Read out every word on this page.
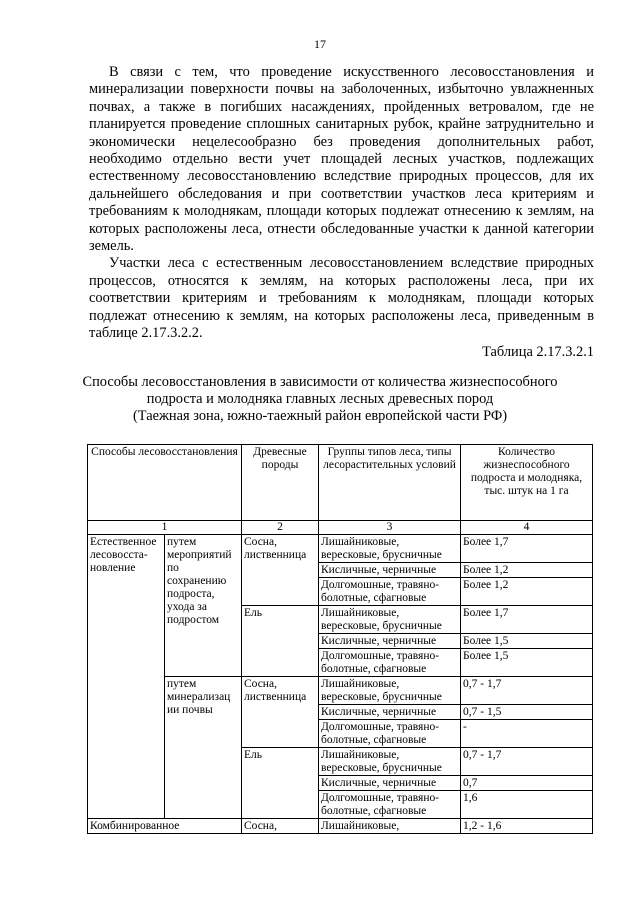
17

В связи с тем, что проведение искусственного лесовосстановления и минерализации поверхности почвы на заболоченных, избыточно увлажненных почвах, а также в погибших насаждениях, пройденных ветровалом, где не планируется проведение сплошных санитарных рубок, крайне затруднительно и экономически нецелесообразно без проведения дополнительных работ, необходимо отдельно вести учет площадей лесных участков, подлежащих естественному лесовосстановлению вследствие природных процессов, для их дальнейшего обследования и при соответствии участков леса критериям и требованиям к молоднякам, площади которых подлежат отнесению к землям, на которых расположены леса, отнести обследованные участки к данной категории земель.

Участки леса с естественным лесовосстановлением вследствие природных процессов, относятся к землям, на которых расположены леса, при их соответствии критериям и требованиям к молоднякам, площади которых подлежат отнесению к землям, на которых расположены леса, приведенным в таблице 2.17.3.2.2.

Таблица 2.17.3.2.1
Способы лесовосстановления в зависимости от количества жизнеспособного
подроста и молодняка главных лесных древесных пород
(Таежная зона, южно-таежный район европейской части РФ)
Способы лесовосстановления		Древесные породы	Группы типов леса, типы лесорастительных условий	Количество жизнеспособного подроста и молодняка, тыс. штук на 1 га
1		2	3	4
Естественное лесовосста-новление	путем мероприятий по сохранению подроста, ухода за подростом	Сосна, лиственница	Лишайниковые, вересковые, брусничные	Более 1,7
			Кисличные, черничные	Более 1,2
			Долгомошные, травяно-болотные, сфагновые	Более 1,2
		Ель	Лишайниковые, вересковые, брусничные	Более 1,7
			Кисличные, черничные	Более 1,5
			Долгомошные, травяно-болотные, сфагновые	Более 1,5
	путем минерализац ии почвы	Сосна, лиственница	Лишайниковые, вересковые, брусничные	0,7 - 1,7
			Кисличные, черничные	0,7 - 1,5
			Долгомошные, травяно-болотные, сфагновые	-
		Ель	Лишайниковые, вересковые, брусничные	0,7 - 1,7
			Кисличные, черничные	0,7
			Долгомошные, травяно-болотные, сфагновые	1,6
Комбинированное		Сосна,	Лишайниковые,	1,2 - 1,6
